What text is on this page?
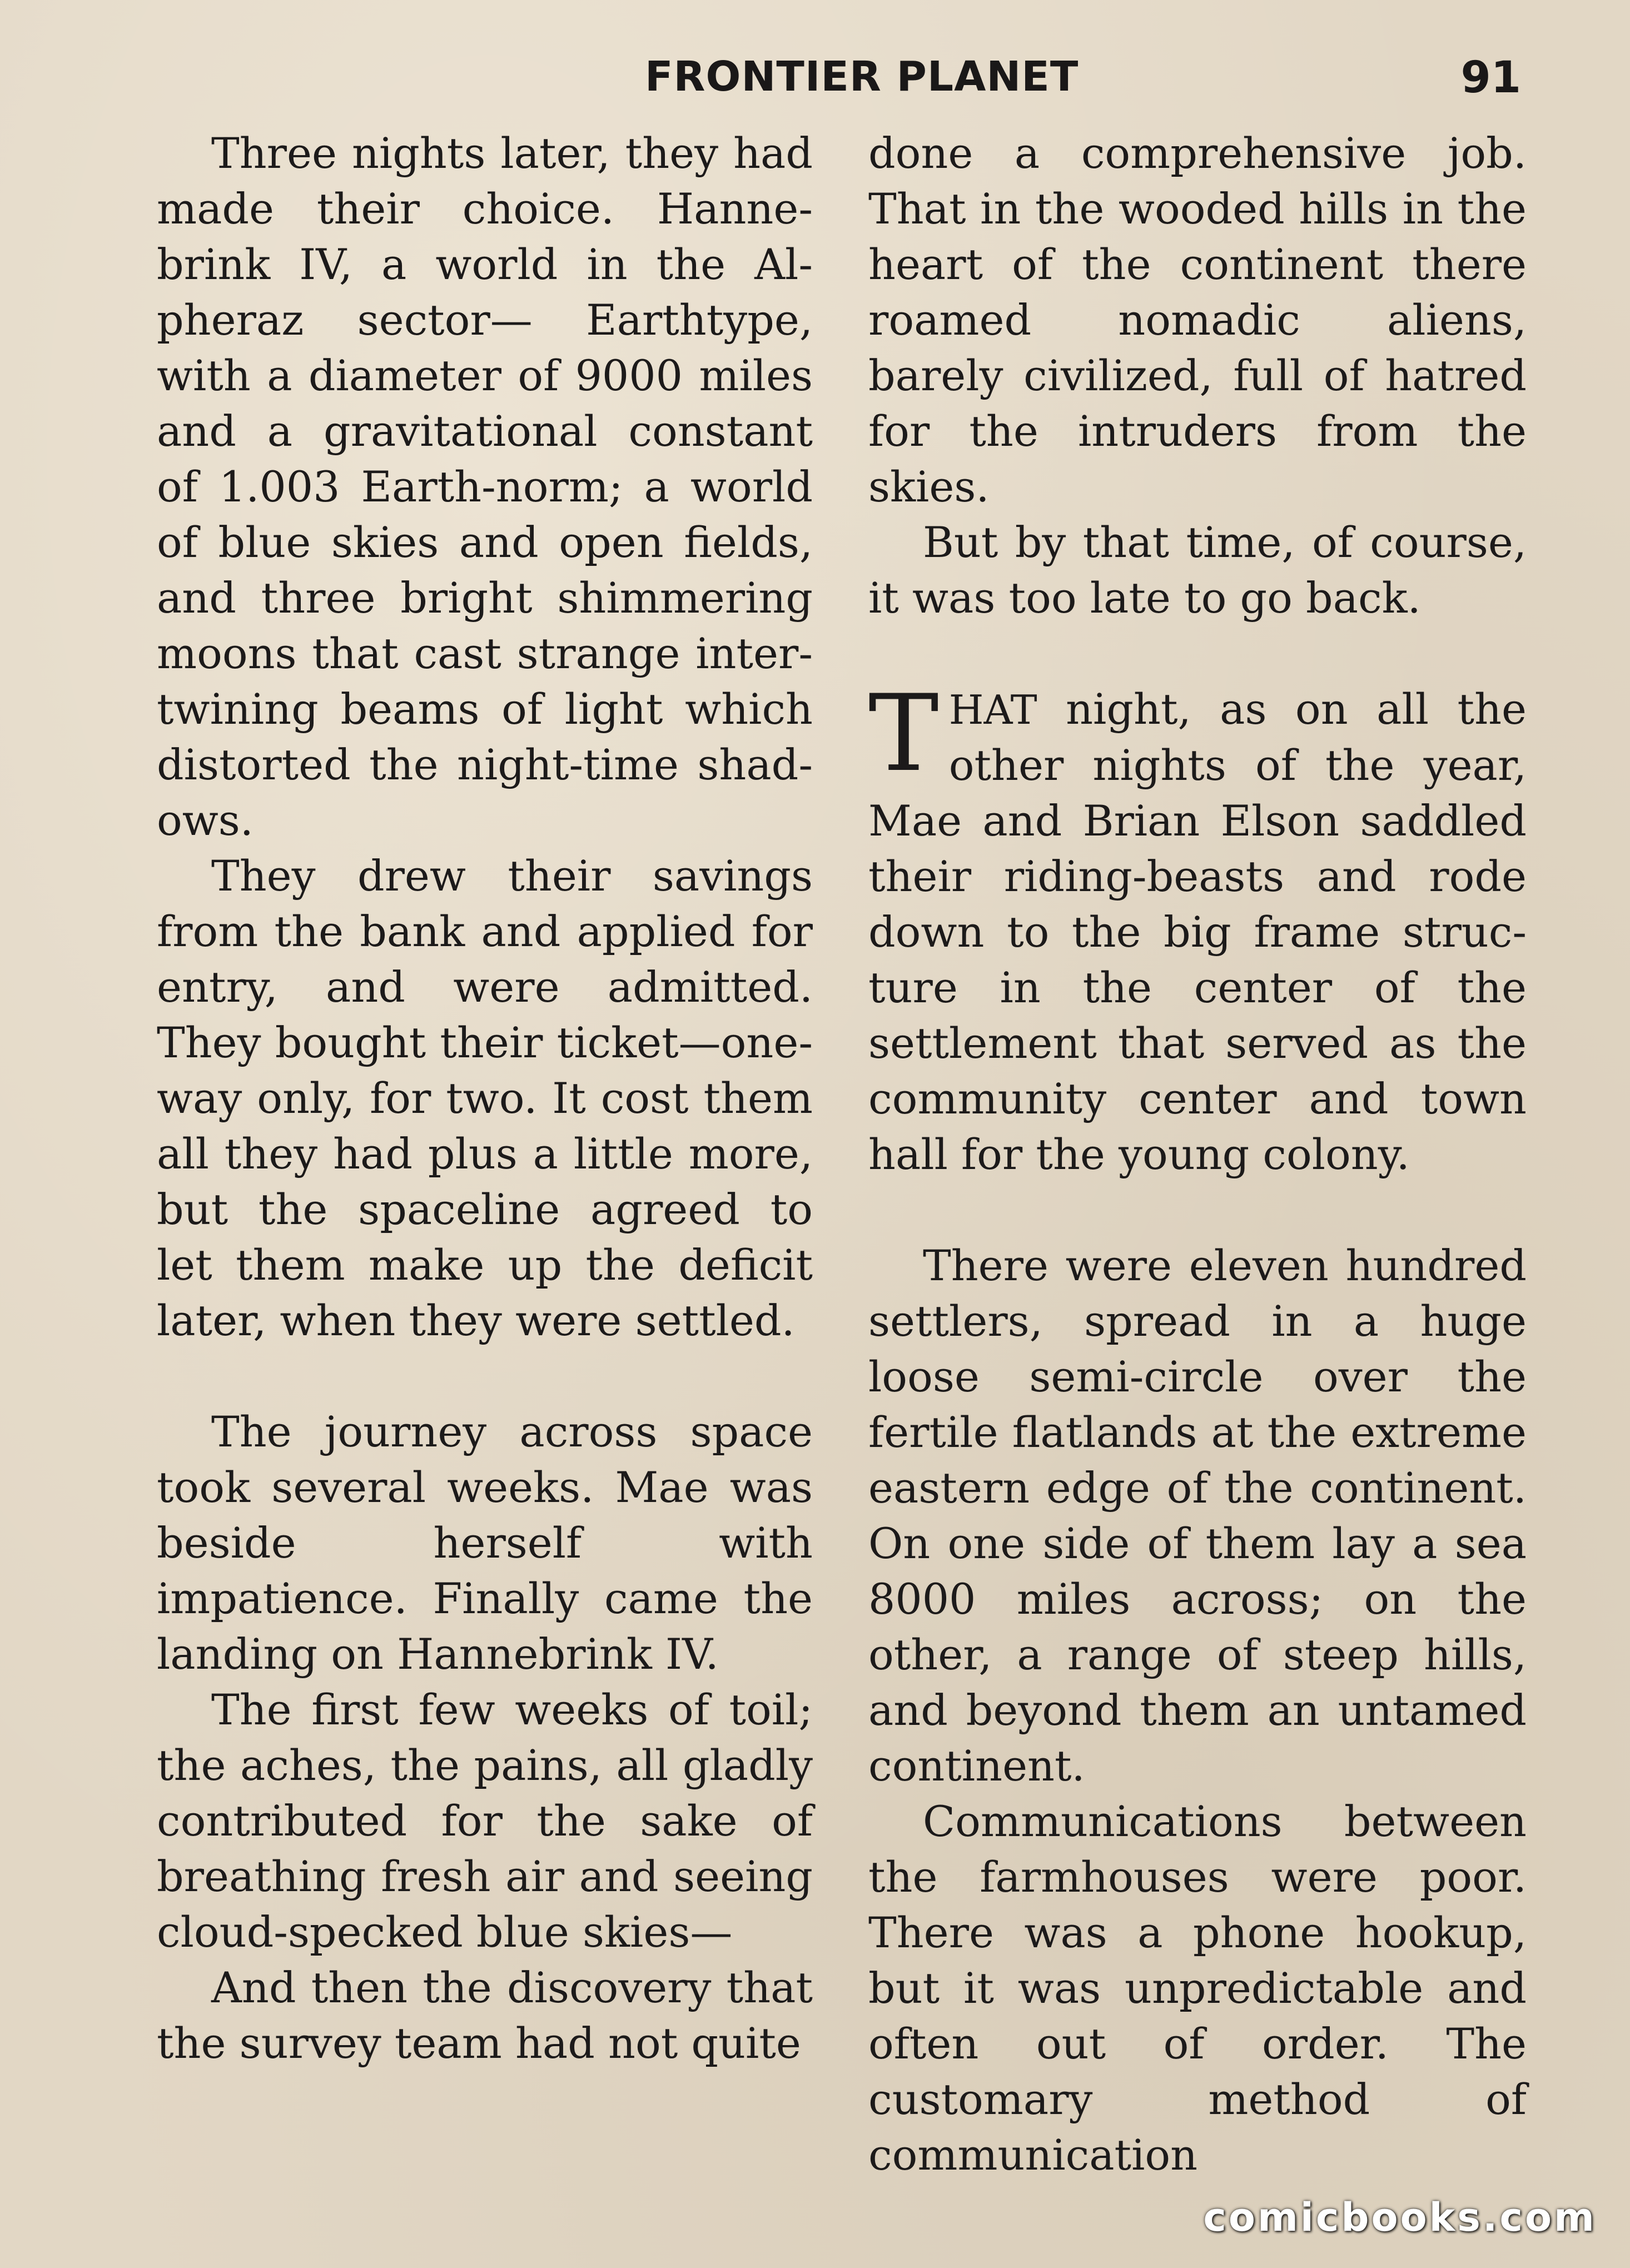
FRONTIER PLANET	91

Three nights later, they had made their choice. Hannebrink IV, a world in the Alpheraz sector— Earthtype, with a diameter of 9000 miles and a gravitational constant of 1.003 Earth-norm; a world of blue skies and open fields, and three bright shimmering moons that cast strange intertwining beams of light which distorted the night-time shadows.

They drew their savings from the bank and applied for entry, and were admitted. They bought their ticket—one-way only, for two. It cost them all they had plus a little more, but the spaceline agreed to let them make up the deficit later, when they were settled.

The journey across space took several weeks. Mae was beside herself with impatience. Finally came the landing on Hannebrink IV.

The first few weeks of toil; the aches, the pains, all gladly contributed for the sake of breathing fresh air and seeing cloud-specked blue skies—

And then the discovery that the survey team had not quite

done a comprehensive job. That in the wooded hills in the heart of the continent there roamed nomadic aliens, barely civilized, full of hatred for the intruders from the skies.

But by that time, of course, it was too late to go back.

THAT night, as on all the other nights of the year, Mae and Brian Elson saddled their riding-beasts and rode down to the big frame structure in the center of the settlement that served as the community center and town hall for the young colony.

There were eleven hundred settlers, spread in a huge loose semi-circle over the fertile flatlands at the extreme eastern edge of the continent. On one side of them lay a sea 8000 miles across; on the other, a range of steep hills, and beyond them an untamed continent.

Communications between the farmhouses were poor. There was a phone hookup, but it was unpredictable and often out of order. The customary method of communication

comicbooks.com
